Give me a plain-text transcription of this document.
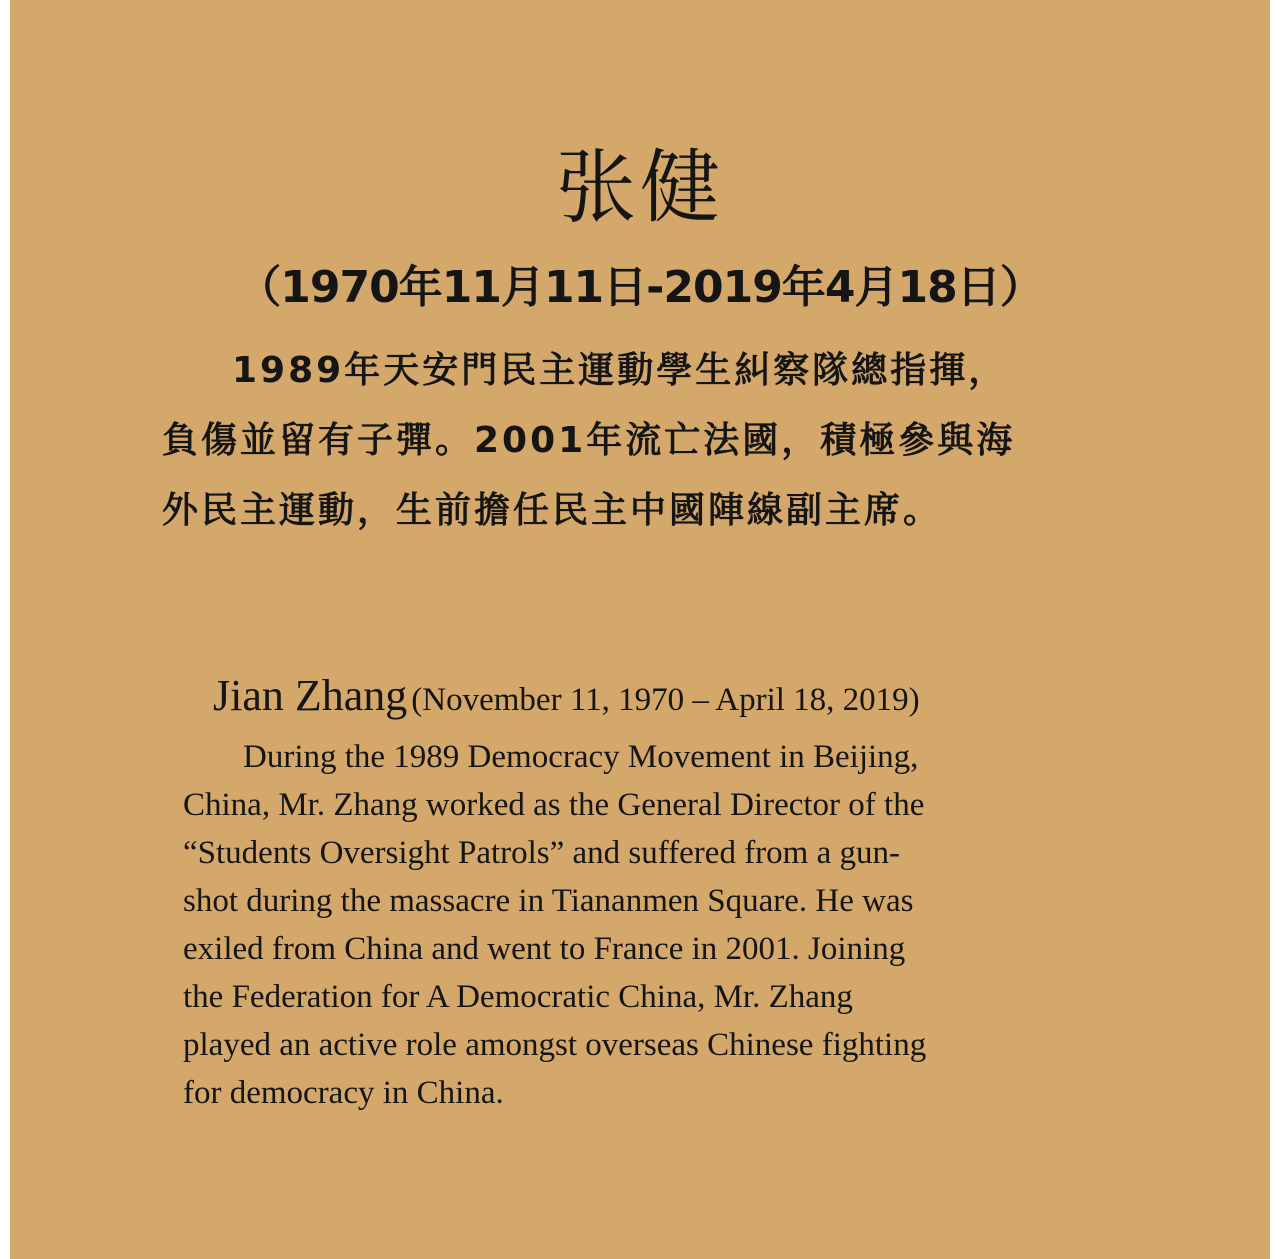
张健
（1970年11月11日-2019年4月18日）
1989年天安門民主運動學生糾察隊總指揮，
負傷並留有子彈。2001年流亡法國，積極參與海
外民主運動，生前擔任民主中國陣線副主席。
Jian Zhang (November 11, 1970 – April 18, 2019)
During the 1989 Democracy Movement in Beijing,
China, Mr. Zhang worked as the General Director of the
“Students Oversight Patrols” and suffered from a gun-
shot during the massacre in Tiananmen Square. He was
exiled from China and went to France in 2001. Joining
the Federation for A Democratic China, Mr. Zhang
played an active role amongst overseas Chinese fighting
for democracy in China.
